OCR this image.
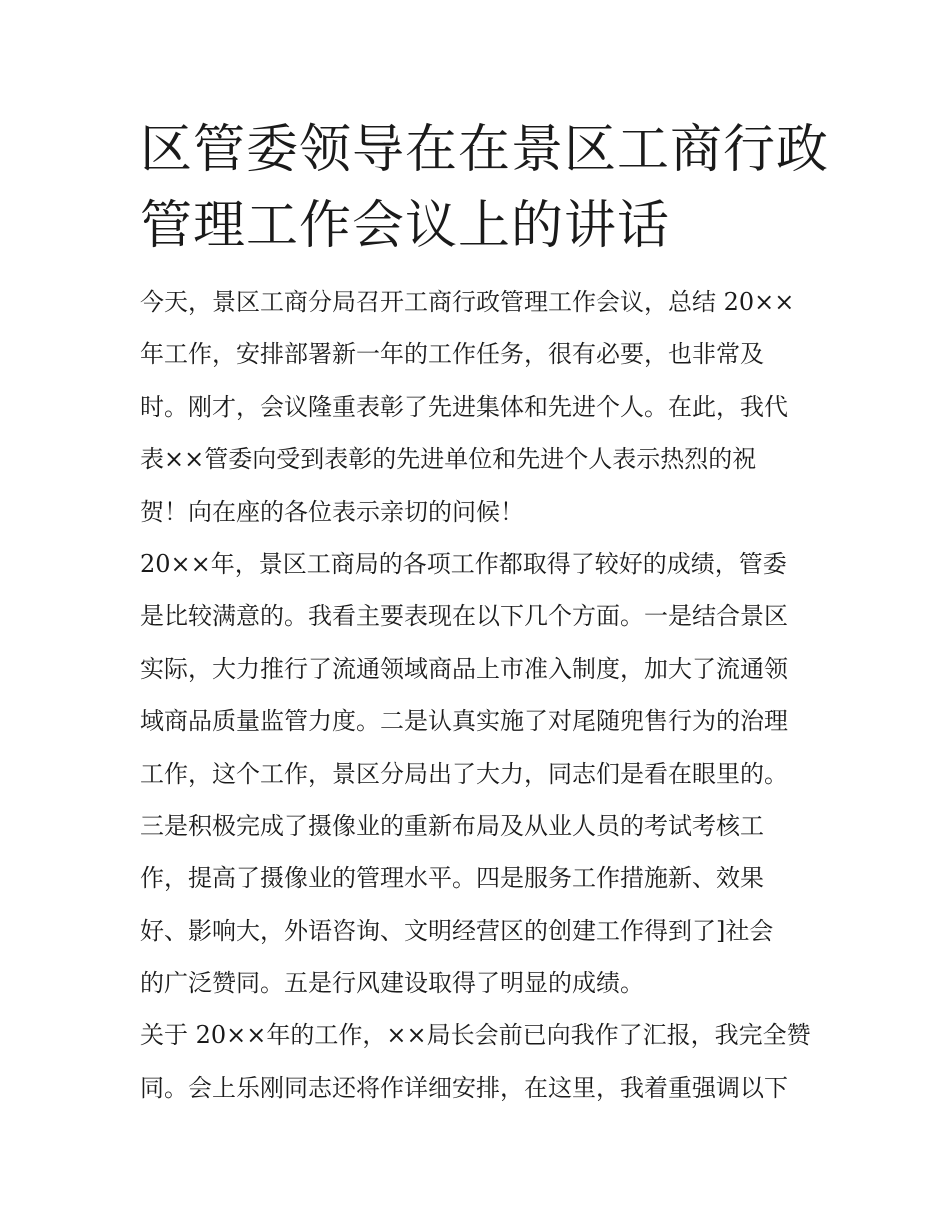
区管委领导在在景区工商行政
管理工作会议上的讲话
今天，景区工商分局召开工商行政管理工作会议，总结 20××
年工作，安排部署新一年的工作任务，很有必要，也非常及
时。刚才，会议隆重表彰了先进集体和先进个人。在此，我代
表××管委向受到表彰的先进单位和先进个人表示热烈的祝
贺！向在座的各位表示亲切的问候！
20××年，景区工商局的各项工作都取得了较好的成绩，管委
是比较满意的。我看主要表现在以下几个方面。一是结合景区
实际，大力推行了流通领域商品上市准入制度，加大了流通领
域商品质量监管力度。二是认真实施了对尾随兜售行为的治理
工作，这个工作，景区分局出了大力，同志们是看在眼里的。
三是积极完成了摄像业的重新布局及从业人员的考试考核工
作，提高了摄像业的管理水平。四是服务工作措施新、效果
好、影响大，外语咨询、文明经营区的创建工作得到了]社会
的广泛赞同。五是行风建设取得了明显的成绩。
关于 20××年的工作，××局长会前已向我作了汇报，我完全赞
同。会上乐刚同志还将作详细安排，在这里，我着重强调以下
